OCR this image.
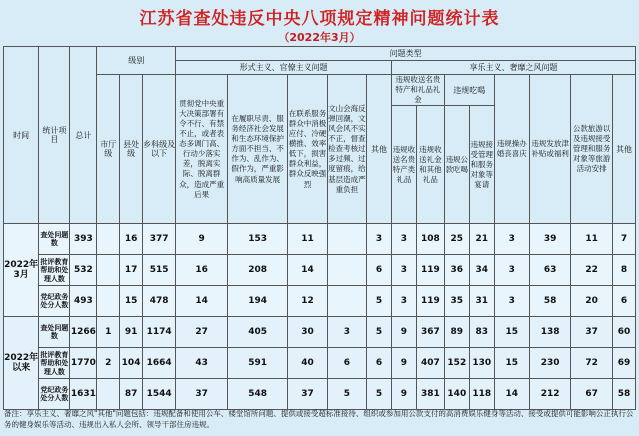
江苏省查处违反中央八项规定精神问题统计表
（2022年3月）
时间	统计项目	总计	级别			问题类型												
						形式主义、官僚主义问题					享乐主义、奢靡之风问题							
			市厅级	县处级	乡科级及以下	贯彻党中央重大决策部署有令不行、有禁不止，或者表态多调门高、行动少落实差，脱离实际、脱离群众，造成严重后果	在履职尽责、服务经济社会发展和生态环境保护方面不担当、不作为、乱作为、假作为，严重影响高质量发展	在联系服务群众中消极应付、冷硬横推、效率低下，损害群众利益，群众反映强烈	文山会海反弹回潮，文风会风不实不正，督查检查考核过多过频、过度留痕，给基层造成严重负担	其他	违规收送名贵特产和礼品礼金		违规吃喝		违规操办婚丧喜庆	违规发放津补贴或福利	公款旅游以及违规接受管理和服务对象等旅游活动安排	其他
											违规收送名贵特产类礼品	违规收送礼金和其他礼品	违规公款吃喝	违规接受管理和服务对象等宴请				
2022年3月	查处问题数	393		16	377	9	153	11		3	3	108	25	21	3	39	11	7
	批评教育帮助和处理人数	532		17	515	16	208	14		6	3	119	36	34	3	63	22	8
	党纪政务处分人数	493		15	478	14	194	12		5	3	119	35	31	3	58	20	6
2022年以来	查处问题数	1266	1	91	1174	27	405	30	3	5	9	367	89	83	15	138	37	60
	批评教育帮助和处理人数	1770	2	104	1664	43	591	40	6	6	9	407	152	130	15	230	72	69
	党纪政务处分人数	1631		87	1544	37	548	37	5	5	9	381	140	118	14	212	67	58
备注：享乐主义、奢靡之风"其他"问题包括：违规配备和使用公车、楼堂馆所问题、提供或接受超标准接待、组织或参加用公款支付的高消费娱乐健身等活动、接受或提供可能影响公正执行公务的健身娱乐等活动、违规出入私人会所、领导干部住房违规。
